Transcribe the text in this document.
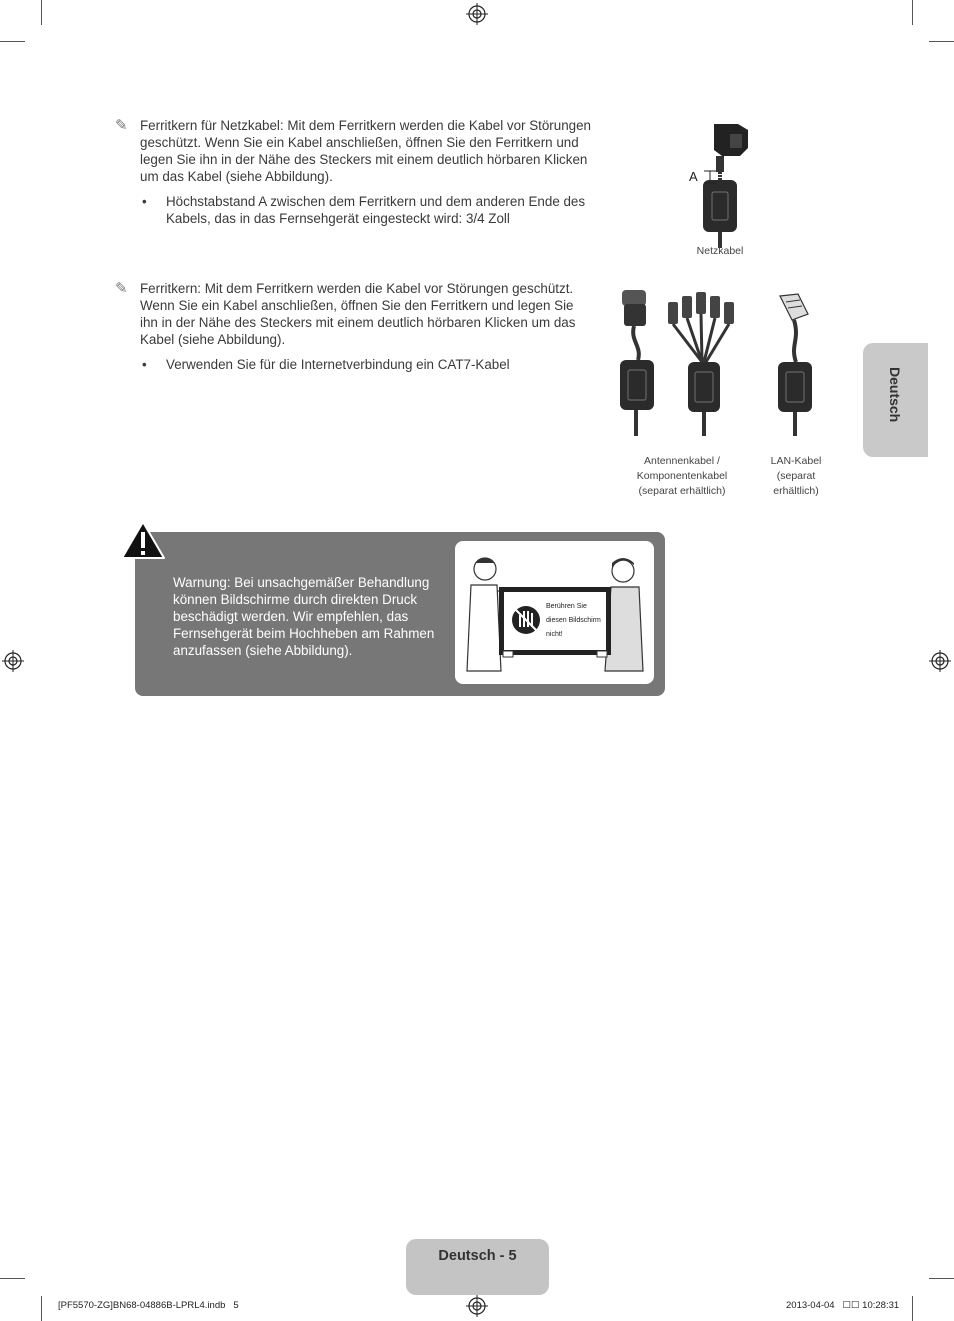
✎ Ferritkern für Netzkabel: Mit dem Ferritkern werden die Kabel vor Störungen geschützt. Wenn Sie ein Kabel anschließen, öffnen Sie den Ferritkern und legen Sie ihn in der Nähe des Steckers mit einem deutlich hörbaren Klicken um das Kabel (siehe Abbildung).
• Höchstabstand A zwischen dem Ferritkern und dem anderen Ende des Kabels, das in das Fernsehgerät eingesteckt wird: 3/4 Zoll
✎ Ferritkern: Mit dem Ferritkern werden die Kabel vor Störungen geschützt. Wenn Sie ein Kabel anschließen, öffnen Sie den Ferritkern und legen Sie ihn in der Nähe des Steckers mit einem deutlich hörbaren Klicken um das Kabel (siehe Abbildung).
• Verwenden Sie für die Internetverbindung ein CAT7-Kabel
A
Netzkabel
Antennenkabel /
Komponentenkabel
(separat erhältlich)
LAN-Kabel
(separat
erhältlich)
Deutsch
Warnung: Bei unsachgemäßer Behandlung können Bildschirme durch direkten Druck beschädigt werden. Wir empfehlen, das Fernsehgerät beim Hochheben am Rahmen anzufassen (siehe Abbildung).
Berühren Sie
diesen Bildschirm
nicht!
Deutsch - 5
[PF5570-ZG]BN68-04886B-LPRL4.indb   5	2013-04-04   ☐☐ 10:28:31
